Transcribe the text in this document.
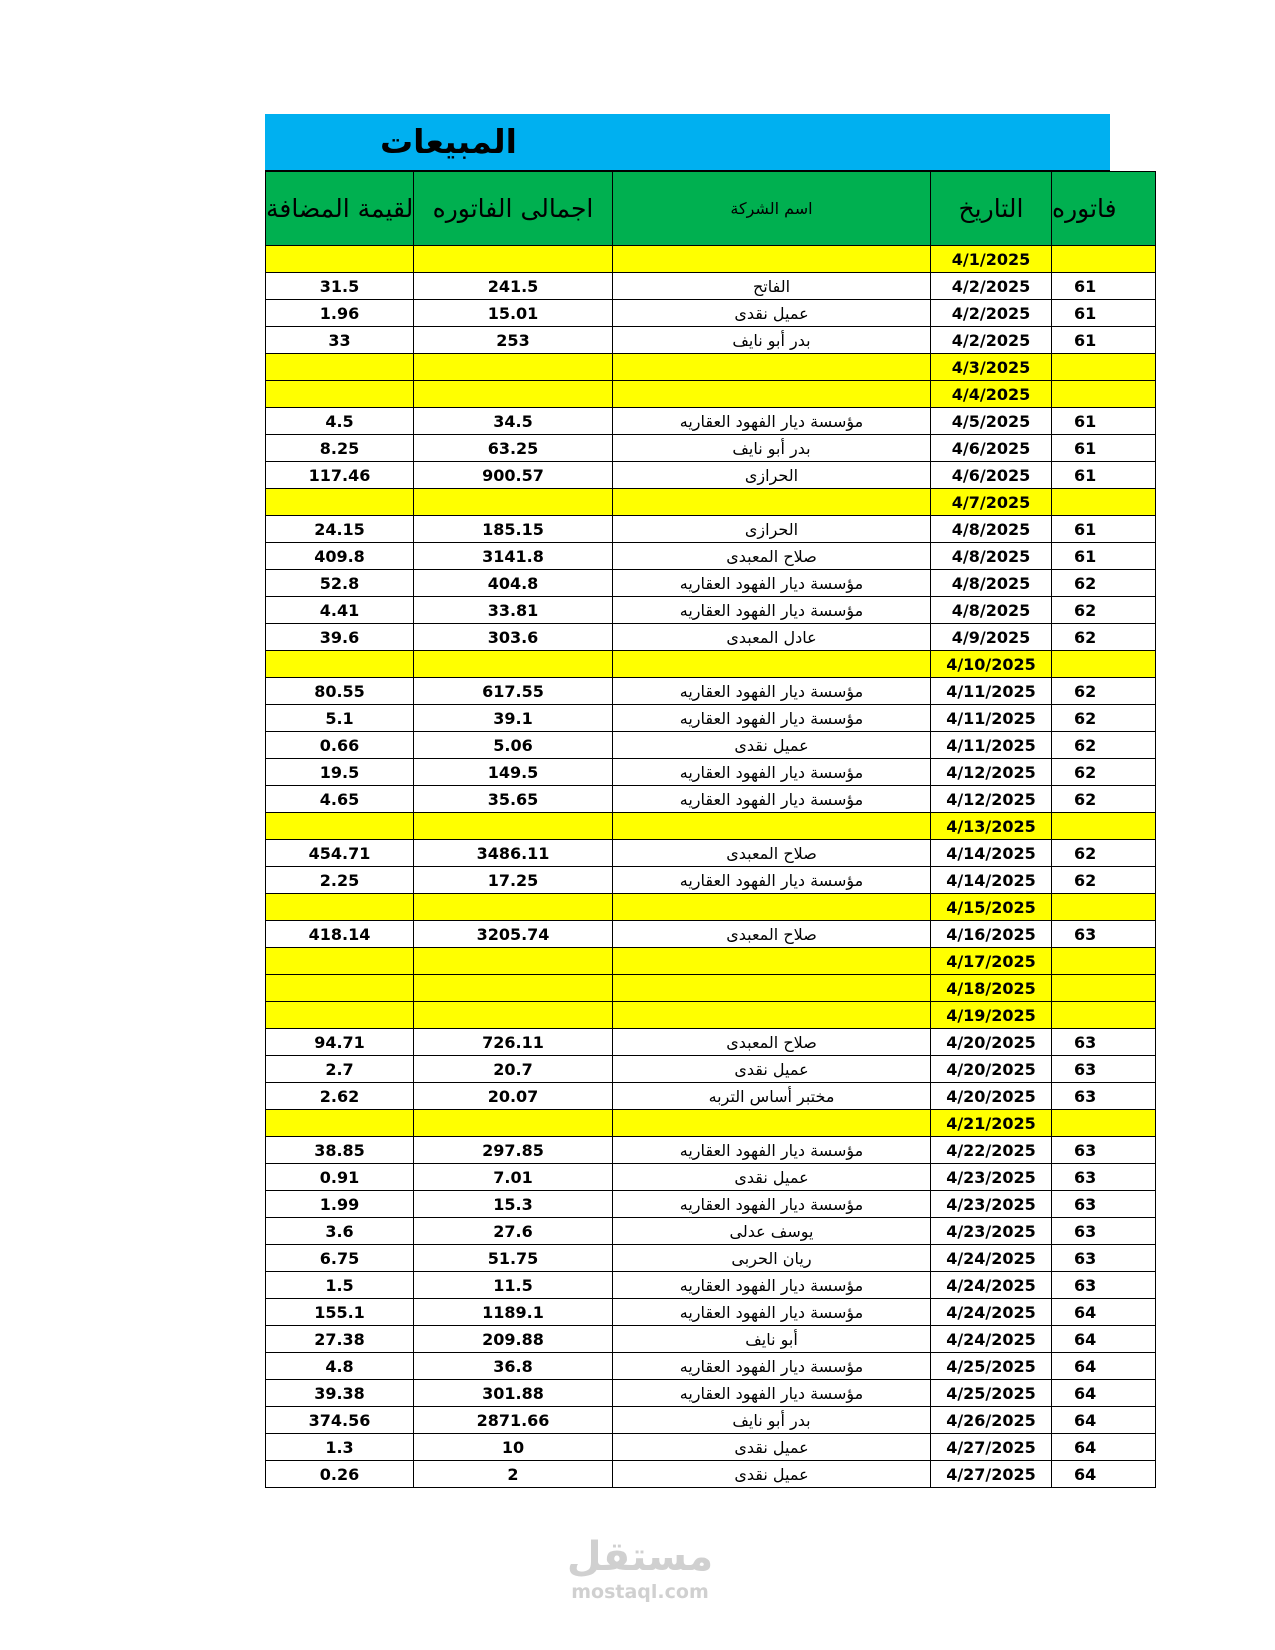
المبيعات
لقيمة المضافة	اجمالى الفاتوره	اسم الشركة	التاريخ	فاتوره
			4/1/2025	
31.5	241.5	الفاتح	4/2/2025	61
1.96	15.01	عميل نقدى	4/2/2025	61
33	253	بدر أبو نايف	4/2/2025	61
			4/3/2025	
			4/4/2025	
4.5	34.5	مؤسسة ديار الفهود العقاريه	4/5/2025	61
8.25	63.25	بدر أبو نايف	4/6/2025	61
117.46	900.57	الحرازى	4/6/2025	61
			4/7/2025	
24.15	185.15	الحرازى	4/8/2025	61
409.8	3141.8	صلاح المعبدى	4/8/2025	61
52.8	404.8	مؤسسة ديار الفهود العقاريه	4/8/2025	62
4.41	33.81	مؤسسة ديار الفهود العقاريه	4/8/2025	62
39.6	303.6	عادل المعبدى	4/9/2025	62
			4/10/2025	
80.55	617.55	مؤسسة ديار الفهود العقاريه	4/11/2025	62
5.1	39.1	مؤسسة ديار الفهود العقاريه	4/11/2025	62
0.66	5.06	عميل نقدى	4/11/2025	62
19.5	149.5	مؤسسة ديار الفهود العقاريه	4/12/2025	62
4.65	35.65	مؤسسة ديار الفهود العقاريه	4/12/2025	62
			4/13/2025	
454.71	3486.11	صلاح المعبدى	4/14/2025	62
2.25	17.25	مؤسسة ديار الفهود العقاريه	4/14/2025	62
			4/15/2025	
418.14	3205.74	صلاح المعبدى	4/16/2025	63
			4/17/2025	
			4/18/2025	
			4/19/2025	
94.71	726.11	صلاح المعبدى	4/20/2025	63
2.7	20.7	عميل نقدى	4/20/2025	63
2.62	20.07	مختبر أساس التربه	4/20/2025	63
			4/21/2025	
38.85	297.85	مؤسسة ديار الفهود العقاريه	4/22/2025	63
0.91	7.01	عميل نقدى	4/23/2025	63
1.99	15.3	مؤسسة ديار الفهود العقاريه	4/23/2025	63
3.6	27.6	يوسف عدلى	4/23/2025	63
6.75	51.75	ريان الحربى	4/24/2025	63
1.5	11.5	مؤسسة ديار الفهود العقاريه	4/24/2025	63
155.1	1189.1	مؤسسة ديار الفهود العقاريه	4/24/2025	64
27.38	209.88	أبو نايف	4/24/2025	64
4.8	36.8	مؤسسة ديار الفهود العقاريه	4/25/2025	64
39.38	301.88	مؤسسة ديار الفهود العقاريه	4/25/2025	64
374.56	2871.66	بدر أبو نايف	4/26/2025	64
1.3	10	عميل نقدى	4/27/2025	64
0.26	2	عميل نقدى	4/27/2025	64
مستقل
mostaql.com
